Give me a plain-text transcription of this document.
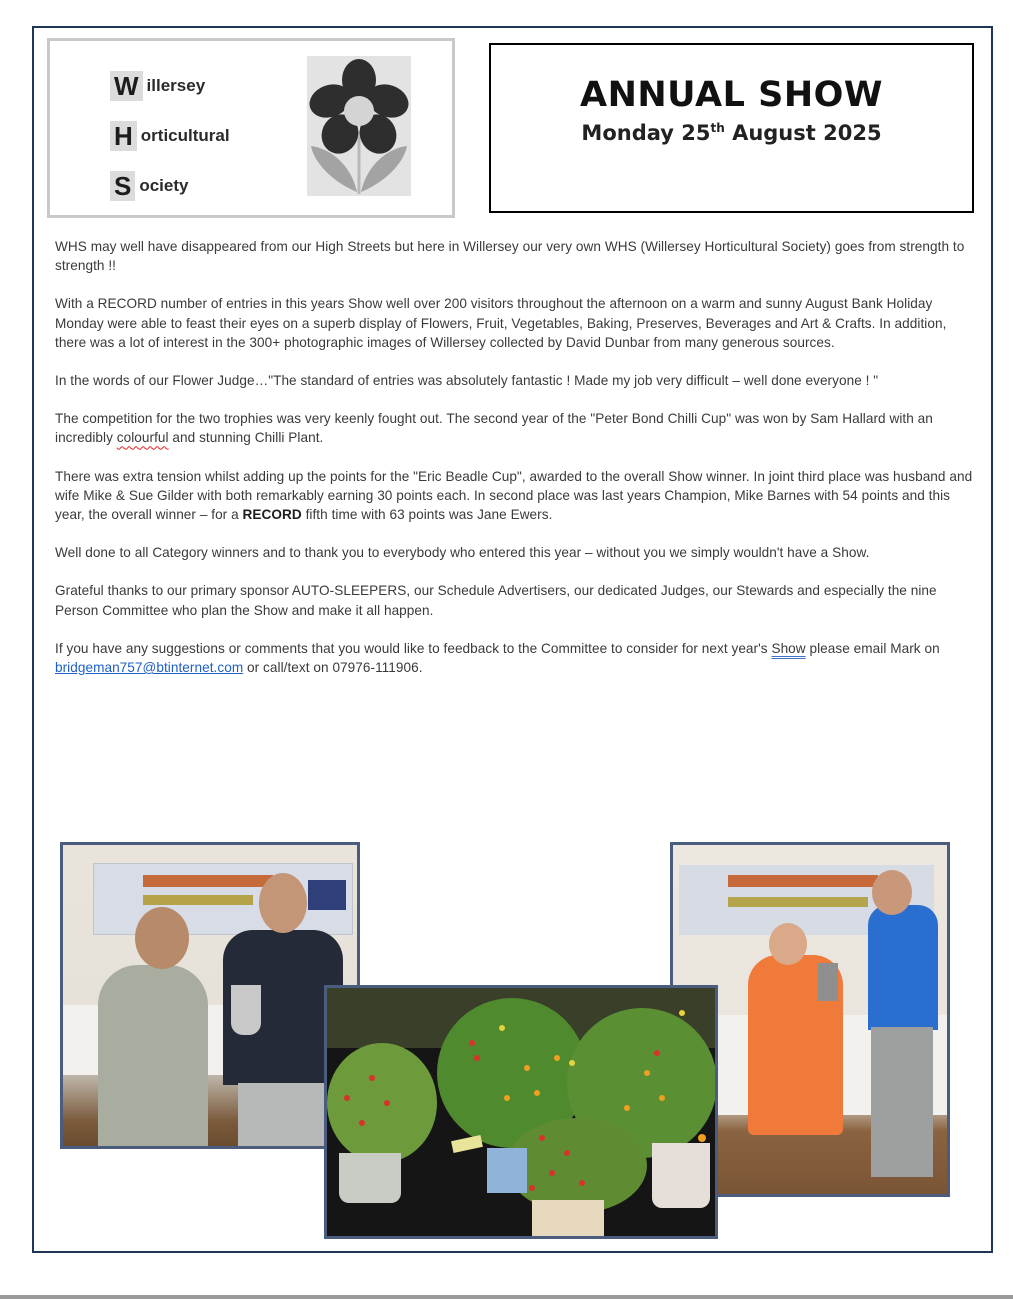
W illersey
H orticultural
S ociety
ANNUAL SHOW
Monday 25th August 2025

WHS may well have disappeared from our High Streets but here in Willersey our very own WHS (Willersey Horticultural Society) goes from strength to strength !!

With a RECORD number of entries in this years Show well over 200 visitors throughout the afternoon on a warm and sunny August Bank Holiday Monday were able to feast their eyes on a superb display of Flowers, Fruit, Vegetables, Baking, Preserves, Beverages and Art & Crafts. In addition, there was a lot of interest in the 300+ photographic images of Willersey collected by David Dunbar from many generous sources.

In the words of our Flower Judge…"The standard of entries was absolutely fantastic ! Made my job very difficult – well done everyone ! "

The competition for the two trophies was very keenly fought out. The second year of the "Peter Bond Chilli Cup" was won by Sam Hallard with an incredibly colourful and stunning Chilli Plant.

There was extra tension whilst adding up the points for the "Eric Beadle Cup", awarded to the overall Show winner. In joint third place was husband and wife Mike & Sue Gilder with both remarkably earning 30 points each. In second place was last years Champion, Mike Barnes with 54 points and this year, the overall winner – for a RECORD fifth time with 63 points was Jane Ewers.

Well done to all Category winners and to thank you to everybody who entered this year – without you we simply wouldn't have a Show.

Grateful thanks to our primary sponsor AUTO-SLEEPERS, our Schedule Advertisers, our dedicated Judges, our Stewards and especially the nine Person Committee who plan the Show and make it all happen.

If you have any suggestions or comments that you would like to feedback to the Committee to consider for next year's Show please email Mark on bridgeman757@btinternet.com or call/text on 07976-111906.
